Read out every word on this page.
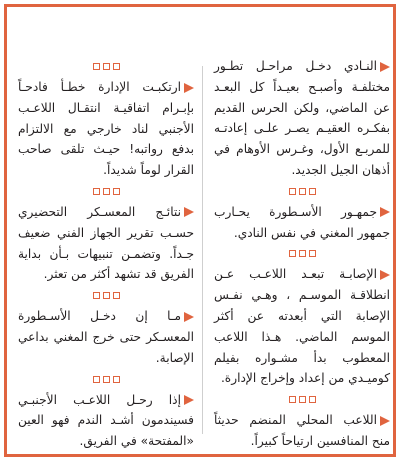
ارتكبـت الإدارة خطـأ فادحـاً بإبـرام اتفاقيـة انتقـال اللاعـب الأجنبي لناد خارجي مع الالتزام بدفع رواتبه! حيـث تلقى صاحب القرار لوماً شديداً.

نتائـج المعسـكر التحضيري حسـب تقرير الجهاز الفني ضعيف جـداً. وتضمـن تنبيهات بـأن بداية الفريق قد تشهد أكثر من تعثر.

مـا إن دخـل الأسـطورة المعسـكر حتى خرج المغني بداعي الإصابة.

إذا رحـل اللاعـب الأجنبـي فسيندمون أشـد الندم فهو العين «المفتحة» في الفريق.

النـادي دخـل مراحـل تطـور مختلفـة وأصبـح بعيـداً كل البعـد عن الماضي، ولكن الحرس القديم بفكـره العقيـم يصـر علـى إعادتـه للمربـع الأول، وغـرس الأوهام في أذهان الجيل الجديد.

جمهـور الأسـطورة يحـارب جمهور المغني في نفس النادي.

الإصابـة تبعـد اللاعـب عـن انطلاقـة الموسـم ، وهـي نفـس الإصابة التي أبعدته عن أكثر الموسم الماضي. هـذا اللاعب المعطوب بدأ مشـواره بفيلم كوميـدي من إعداد وإخراج الإدارة.

اللاعب المحلي المنضم حديثاً منح المنافسين ارتياحاً كبيراً.
